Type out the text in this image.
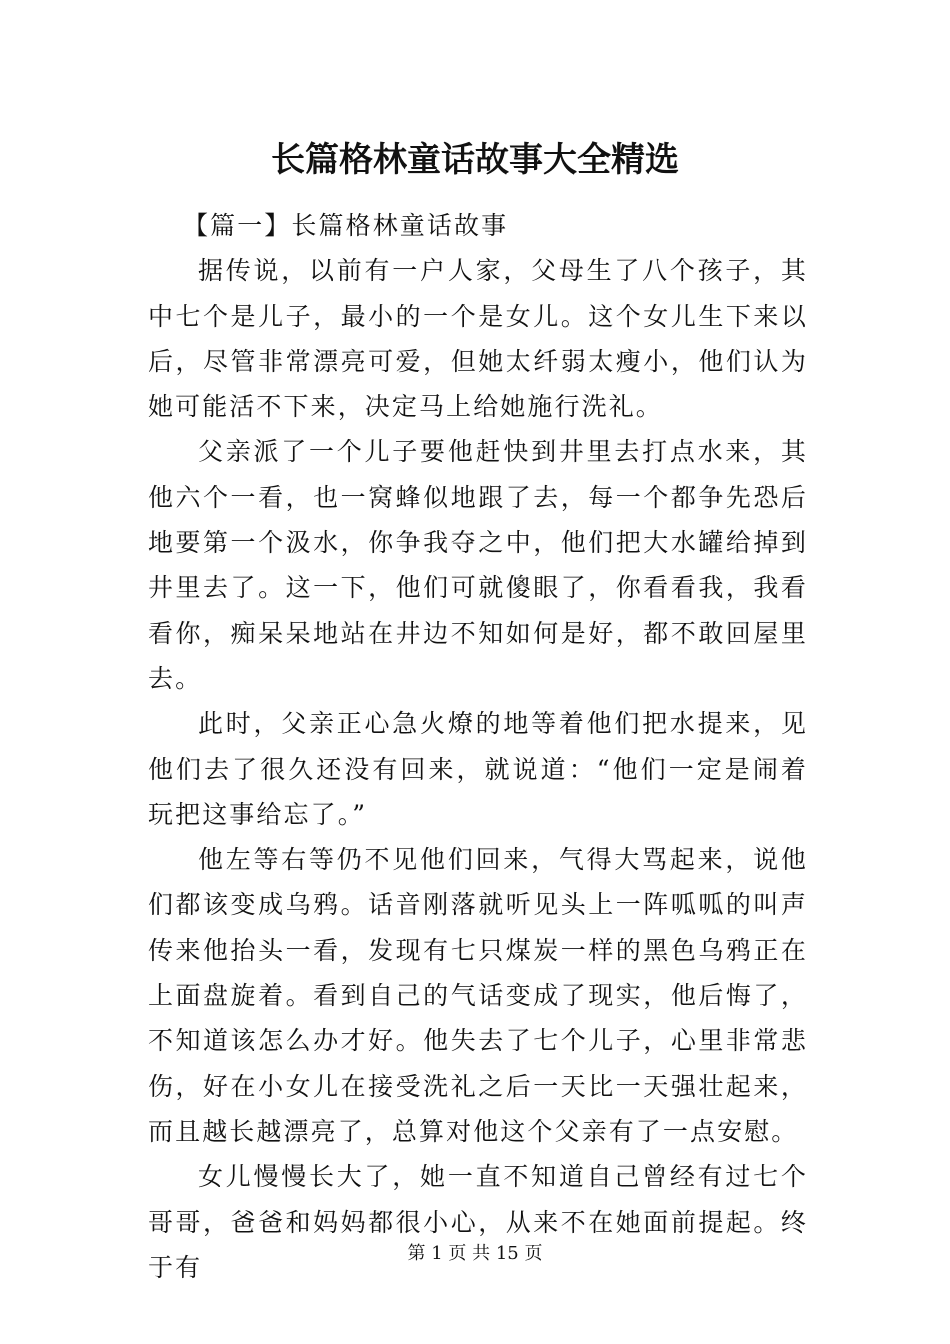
长篇格林童话故事大全精选

【篇一】长篇格林童话故事

据传说，以前有一户人家，父母生了八个孩子，其中七个是儿子，最小的一个是女儿。这个女儿生下来以后，尽管非常漂亮可爱，但她太纤弱太瘦小，他们认为她可能活不下来，决定马上给她施行洗礼。

父亲派了一个儿子要他赶快到井里去打点水来，其他六个一看，也一窝蜂似地跟了去，每一个都争先恐后地要第一个汲水，你争我夺之中，他们把大水罐给掉到井里去了。这一下，他们可就傻眼了，你看看我，我看看你，痴呆呆地站在井边不知如何是好，都不敢回屋里去。

此时，父亲正心急火燎的地等着他们把水提来，见他们去了很久还没有回来，就说道：“他们一定是闹着玩把这事给忘了。”

他左等右等仍不见他们回来，气得大骂起来，说他们都该变成乌鸦。话音刚落就听见头上一阵呱呱的叫声传来他抬头一看，发现有七只煤炭一样的黑色乌鸦正在上面盘旋着。看到自己的气话变成了现实，他后悔了，不知道该怎么办才好。他失去了七个儿子，心里非常悲伤，好在小女儿在接受洗礼之后一天比一天强壮起来，而且越长越漂亮了，总算对他这个父亲有了一点安慰。

女儿慢慢长大了，她一直不知道自己曾经有过七个哥哥，爸爸和妈妈都很小心，从来不在她面前提起。终于有	第 1 页 共 15 页
